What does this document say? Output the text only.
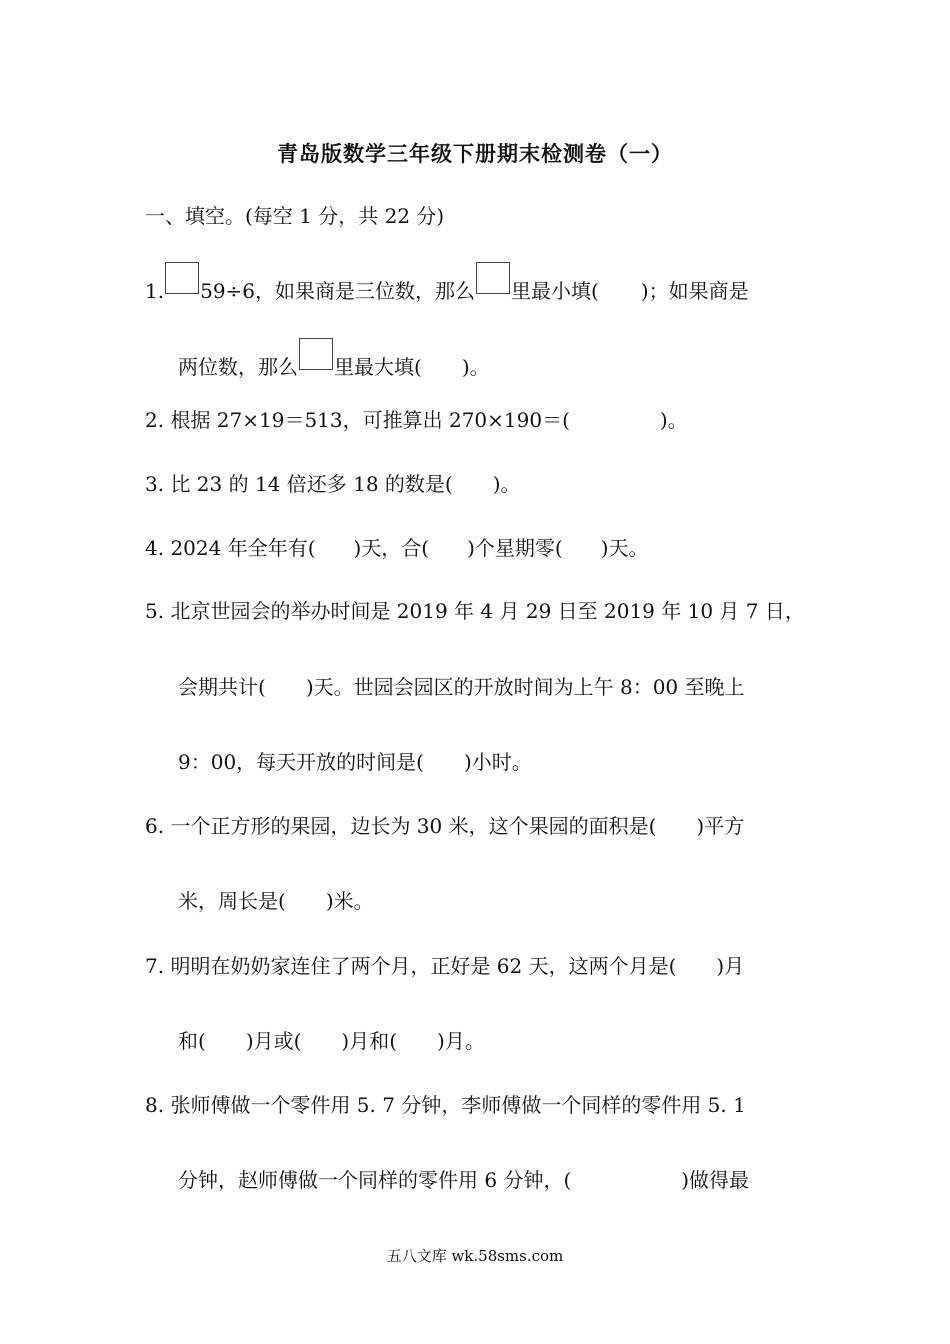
青岛版数学三年级下册期末检测卷（一）
一、填空。(每空 1 分，共 22 分)
1. 59÷6，如果商是三位数，那么 里最小填( )；如果商是
两位数，那么 里最大填( )。
2. 根据 27×19＝513，可推算出 270×190＝(	)。
3. 比 23 的 14 倍还多 18 的数是( )。
4. 2024 年全年有( )天，合( )个星期零( )天。
5. 北京世园会的举办时间是 2019 年 4 月 29 日至 2019 年 10 月 7 日，
会期共计( )天。世园会园区的开放时间为上午 8：00 至晚上
9：00，每天开放的时间是( )小时。
6. 一个正方形的果园，边长为 30 米，这个果园的面积是( )平方
米，周长是( )米。
7. 明明在奶奶家连住了两个月，正好是 62 天，这两个月是( )月
和( )月或( )月和( )月。
8. 张师傅做一个零件用 5. 7 分钟，李师傅做一个同样的零件用 5. 1
分钟，赵师傅做一个同样的零件用 6 分钟，(	)做得最
五八文库 wk.58sms.com
